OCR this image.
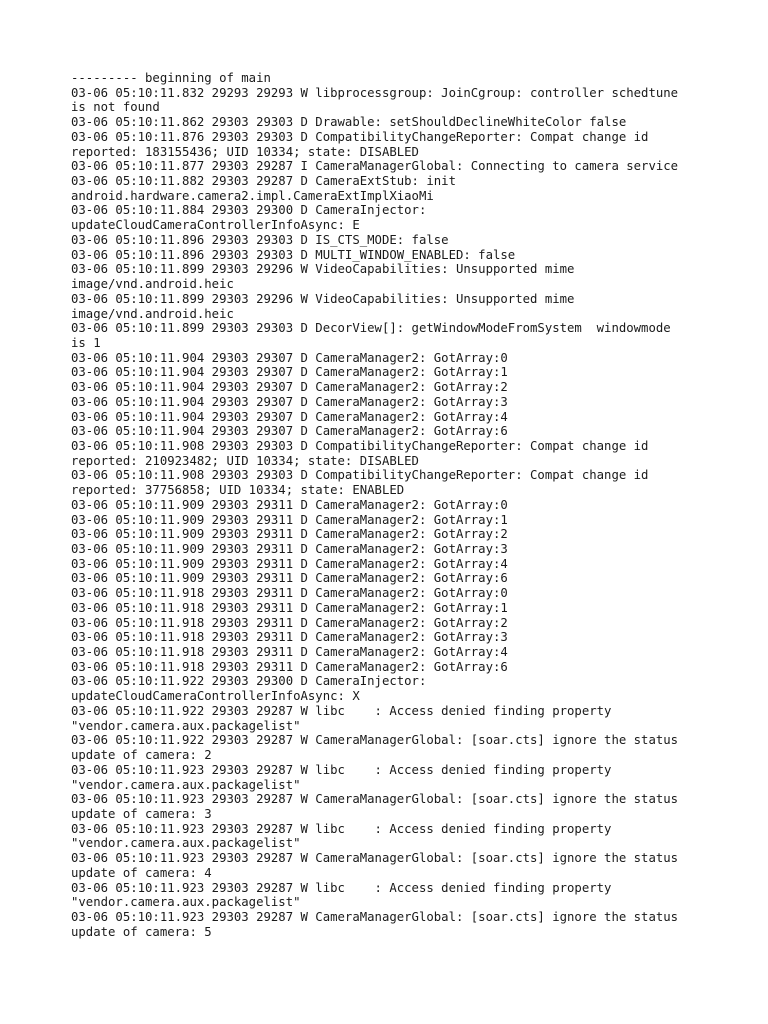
--------- beginning of main
03-06 05:10:11.832 29293 29293 W libprocessgroup: JoinCgroup: controller schedtune
is not found
03-06 05:10:11.862 29303 29303 D Drawable: setShouldDeclineWhiteColor false
03-06 05:10:11.876 29303 29303 D CompatibilityChangeReporter: Compat change id
reported: 183155436; UID 10334; state: DISABLED
03-06 05:10:11.877 29303 29287 I CameraManagerGlobal: Connecting to camera service
03-06 05:10:11.882 29303 29287 D CameraExtStub: init
android.hardware.camera2.impl.CameraExtImplXiaoMi
03-06 05:10:11.884 29303 29300 D CameraInjector:
updateCloudCameraControllerInfoAsync: E
03-06 05:10:11.896 29303 29303 D IS_CTS_MODE: false
03-06 05:10:11.896 29303 29303 D MULTI_WINDOW_ENABLED: false
03-06 05:10:11.899 29303 29296 W VideoCapabilities: Unsupported mime
image/vnd.android.heic
03-06 05:10:11.899 29303 29296 W VideoCapabilities: Unsupported mime
image/vnd.android.heic
03-06 05:10:11.899 29303 29303 D DecorView[]: getWindowModeFromSystem  windowmode
is 1
03-06 05:10:11.904 29303 29307 D CameraManager2: GotArray:0
03-06 05:10:11.904 29303 29307 D CameraManager2: GotArray:1
03-06 05:10:11.904 29303 29307 D CameraManager2: GotArray:2
03-06 05:10:11.904 29303 29307 D CameraManager2: GotArray:3
03-06 05:10:11.904 29303 29307 D CameraManager2: GotArray:4
03-06 05:10:11.904 29303 29307 D CameraManager2: GotArray:6
03-06 05:10:11.908 29303 29303 D CompatibilityChangeReporter: Compat change id
reported: 210923482; UID 10334; state: DISABLED
03-06 05:10:11.908 29303 29303 D CompatibilityChangeReporter: Compat change id
reported: 37756858; UID 10334; state: ENABLED
03-06 05:10:11.909 29303 29311 D CameraManager2: GotArray:0
03-06 05:10:11.909 29303 29311 D CameraManager2: GotArray:1
03-06 05:10:11.909 29303 29311 D CameraManager2: GotArray:2
03-06 05:10:11.909 29303 29311 D CameraManager2: GotArray:3
03-06 05:10:11.909 29303 29311 D CameraManager2: GotArray:4
03-06 05:10:11.909 29303 29311 D CameraManager2: GotArray:6
03-06 05:10:11.918 29303 29311 D CameraManager2: GotArray:0
03-06 05:10:11.918 29303 29311 D CameraManager2: GotArray:1
03-06 05:10:11.918 29303 29311 D CameraManager2: GotArray:2
03-06 05:10:11.918 29303 29311 D CameraManager2: GotArray:3
03-06 05:10:11.918 29303 29311 D CameraManager2: GotArray:4
03-06 05:10:11.918 29303 29311 D CameraManager2: GotArray:6
03-06 05:10:11.922 29303 29300 D CameraInjector:
updateCloudCameraControllerInfoAsync: X
03-06 05:10:11.922 29303 29287 W libc    : Access denied finding property
"vendor.camera.aux.packagelist"
03-06 05:10:11.922 29303 29287 W CameraManagerGlobal: [soar.cts] ignore the status
update of camera: 2
03-06 05:10:11.923 29303 29287 W libc    : Access denied finding property
"vendor.camera.aux.packagelist"
03-06 05:10:11.923 29303 29287 W CameraManagerGlobal: [soar.cts] ignore the status
update of camera: 3
03-06 05:10:11.923 29303 29287 W libc    : Access denied finding property
"vendor.camera.aux.packagelist"
03-06 05:10:11.923 29303 29287 W CameraManagerGlobal: [soar.cts] ignore the status
update of camera: 4
03-06 05:10:11.923 29303 29287 W libc    : Access denied finding property
"vendor.camera.aux.packagelist"
03-06 05:10:11.923 29303 29287 W CameraManagerGlobal: [soar.cts] ignore the status
update of camera: 5
